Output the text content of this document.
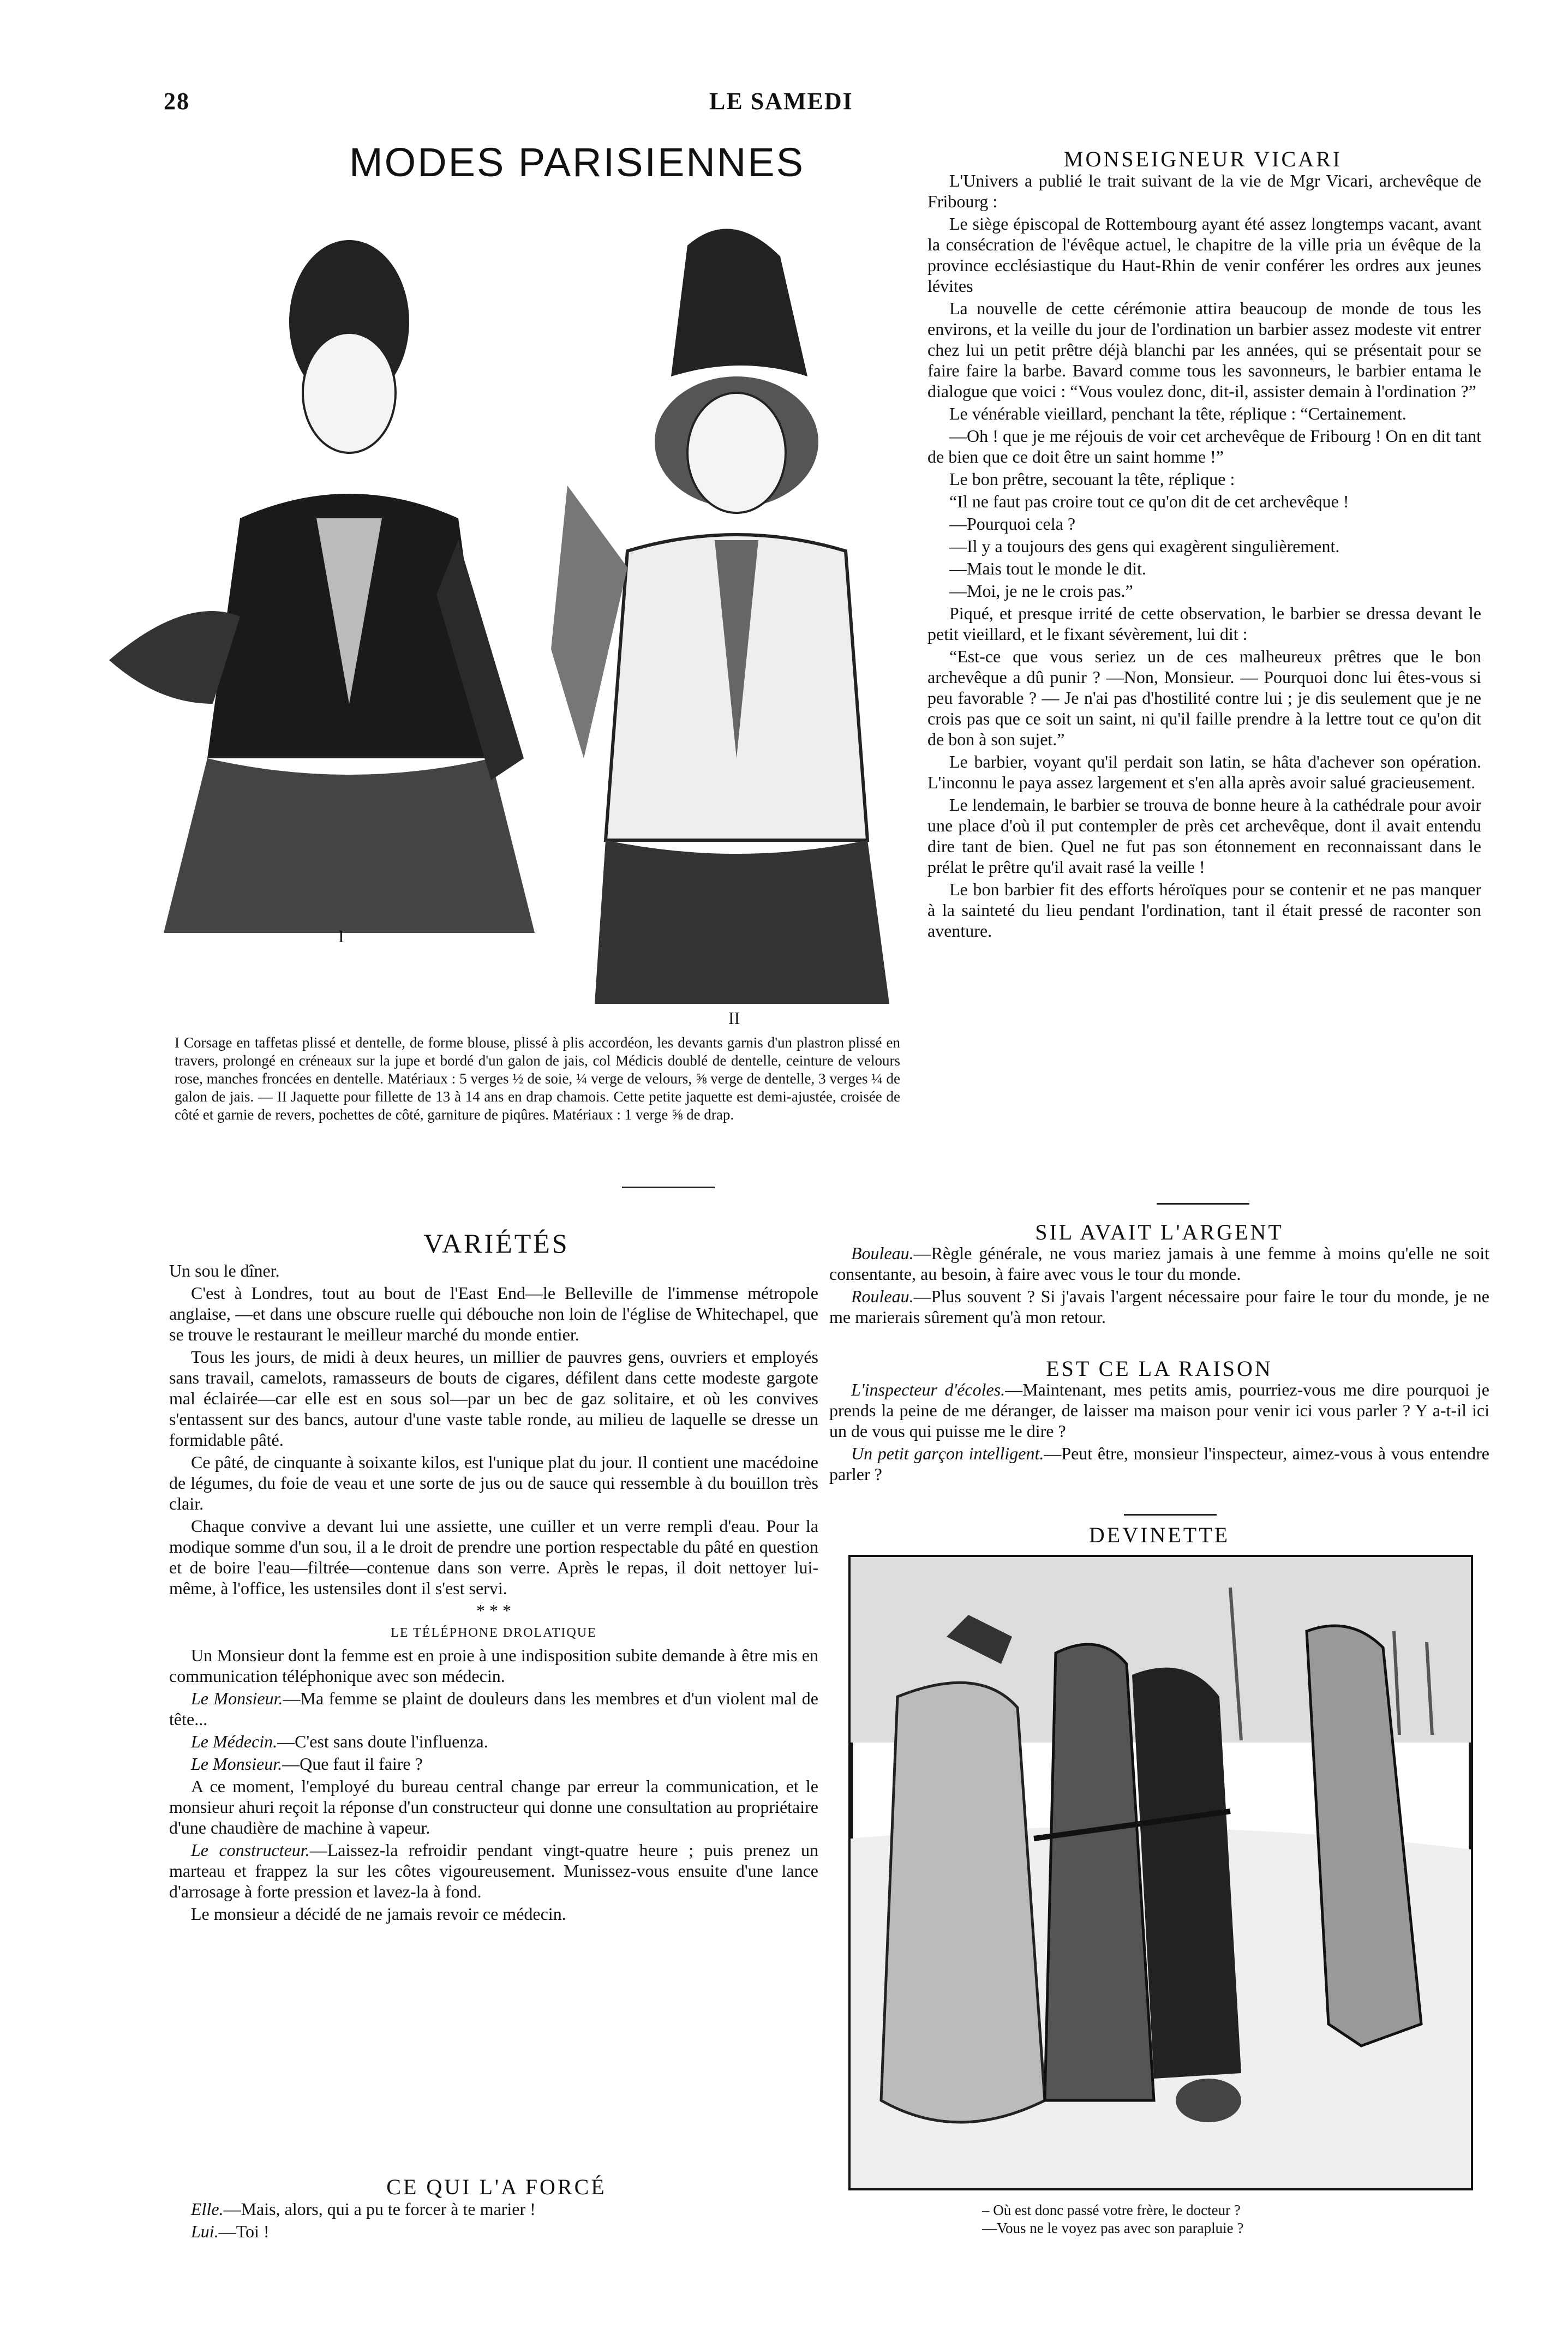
28	LE SAMEDI
MODES PARISIENNES
I
II
I Corsage en taffetas plissé et dentelle, de forme blouse, plissé à plis accordéon, les devants garnis d'un plastron plissé en travers, prolongé en créneaux sur la jupe et bordé d'un galon de jais, col Médicis doublé de dentelle, ceinture de velours rose, manches froncées en dentelle. Matériaux : 5 verges ½ de soie, ¼ verge de velours, ⅝ verge de dentelle, 3 verges ¼ de galon de jais. — II Jaquette pour fillette de 13 à 14 ans en drap chamois. Cette petite jaquette est demi-ajustée, croisée de côté et garnie de revers, pochettes de côté, garniture de piqûres. Matériaux : 1 verge ⅝ de drap.
MONSEIGNEUR VICARI

L'Univers a publié le trait suivant de la vie de Mgr Vicari, archevêque de Fribourg :

Le siège épiscopal de Rottembourg ayant été assez longtemps vacant, avant la consécration de l'évêque actuel, le chapitre de la ville pria un évêque de la province ecclésiastique du Haut-Rhin de venir conférer les ordres aux jeunes lévites

La nouvelle de cette cérémonie attira beaucoup de monde de tous les environs, et la veille du jour de l'ordination un barbier assez modeste vit entrer chez lui un petit prêtre déjà blanchi par les années, qui se présentait pour se faire faire la barbe. Bavard comme tous les savonneurs, le barbier entama le dialogue que voici : “Vous voulez donc, dit-il, assister demain à l'ordination ?”

Le vénérable vieillard, penchant la tête, réplique : “Certainement.

—Oh ! que je me réjouis de voir cet archevêque de Fribourg ! On en dit tant de bien que ce doit être un saint homme !”

Le bon prêtre, secouant la tête, réplique :

“Il ne faut pas croire tout ce qu'on dit de cet archevêque !

—Pourquoi cela ?

—Il y a toujours des gens qui exagèrent singulièrement.

—Mais tout le monde le dit.

—Moi, je ne le crois pas.”

Piqué, et presque irrité de cette observation, le barbier se dressa devant le petit vieillard, et le fixant sévèrement, lui dit :

“Est-ce que vous seriez un de ces malheureux prêtres que le bon archevêque a dû punir ? —Non, Monsieur. — Pourquoi donc lui êtes-vous si peu favorable ? — Je n'ai pas d'hostilité contre lui ; je dis seulement que je ne crois pas que ce soit un saint, ni qu'il faille prendre à la lettre tout ce qu'on dit de bon à son sujet.”

Le barbier, voyant qu'il perdait son latin, se hâta d'achever son opération. L'inconnu le paya assez largement et s'en alla après avoir salué gracieusement.

Le lendemain, le barbier se trouva de bonne heure à la cathédrale pour avoir une place d'où il put contempler de près cet archevêque, dont il avait entendu dire tant de bien. Quel ne fut pas son étonnement en reconnaissant dans le prélat le prêtre qu'il avait rasé la veille !

Le bon barbier fit des efforts héroïques pour se contenir et ne pas manquer à la sainteté du lieu pendant l'ordination, tant il était pressé de raconter son aventure.

SIL AVAIT L'ARGENT

Bouleau.—Règle générale, ne vous mariez jamais à une femme à moins qu'elle ne soit consentante, au besoin, à faire avec vous le tour du monde.

Rouleau.—Plus souvent ? Si j'avais l'argent nécessaire pour faire le tour du monde, je ne me marierais sûrement qu'à mon retour.

EST CE LA RAISON

L'inspecteur d'écoles.—Maintenant, mes petits amis, pourriez-vous me dire pourquoi je prends la peine de me déranger, de laisser ma maison pour venir ici vous parler ? Y a-t-il ici un de vous qui puisse me le dire ?

Un petit garçon intelligent.—Peut être, monsieur l'inspecteur, aimez-vous à vous entendre parler ?

DEVINETTE
– Où est donc passé votre frère, le docteur ?
—Vous ne le voyez pas avec son parapluie ?
VARIÉTÉS

Un sou le dîner.

C'est à Londres, tout au bout de l'East End—le Belleville de l'immense métropole anglaise, —et dans une obscure ruelle qui débouche non loin de l'église de Whitechapel, que se trouve le restaurant le meilleur marché du monde entier.

Tous les jours, de midi à deux heures, un millier de pauvres gens, ouvriers et employés sans travail, camelots, ramasseurs de bouts de cigares, défilent dans cette modeste gargote mal éclairée—car elle est en sous sol—par un bec de gaz solitaire, et où les convives s'entassent sur des bancs, autour d'une vaste table ronde, au milieu de laquelle se dresse un formidable pâté.

Ce pâté, de cinquante à soixante kilos, est l'unique plat du jour. Il contient une macédoine de légumes, du foie de veau et une sorte de jus ou de sauce qui ressemble à du bouillon très clair.

Chaque convive a devant lui une assiette, une cuiller et un verre rempli d'eau. Pour la modique somme d'un sou, il a le droit de prendre une portion respectable du pâté en question et de boire l'eau—filtrée—contenue dans son verre. Après le repas, il doit nettoyer lui-même, à l'office, les ustensiles dont il s'est servi.

* * *

LE TÉLÉPHONE DROLATIQUE

Un Monsieur dont la femme est en proie à une indisposition subite demande à être mis en communication téléphonique avec son médecin.

Le Monsieur.—Ma femme se plaint de douleurs dans les membres et d'un violent mal de tête...

Le Médecin.—C'est sans doute l'influenza.

Le Monsieur.—Que faut il faire ?

A ce moment, l'employé du bureau central change par erreur la communication, et le monsieur ahuri reçoit la réponse d'un constructeur qui donne une consultation au propriétaire d'une chaudière de machine à vapeur.

Le constructeur.—Laissez-la refroidir pendant vingt-quatre heure ; puis prenez un marteau et frappez la sur les côtes vigoureusement. Munissez-vous ensuite d'une lance d'arrosage à forte pression et lavez-la à fond.

Le monsieur a décidé de ne jamais revoir ce médecin.

CE QUI L'A FORCÉ

Elle.—Mais, alors, qui a pu te forcer à te marier !

Lui.—Toi !
